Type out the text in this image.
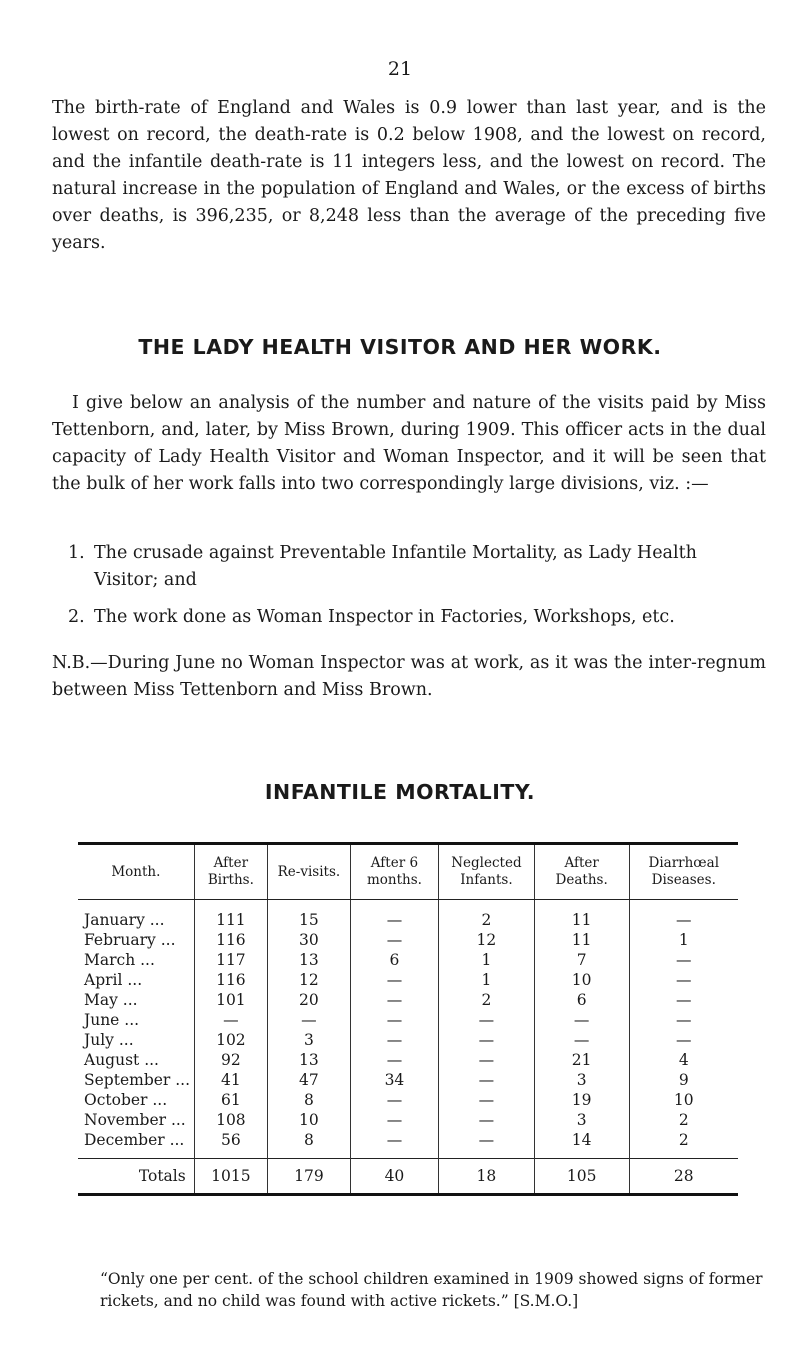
21

The birth-rate of England and Wales is 0.9 lower than last year, and is the lowest on record, the death-rate is 0.2 below 1908, and the lowest on record, and the infantile death-rate is 11 integers less, and the lowest on record. The natural increase in the population of England and Wales, or the excess of births over deaths, is 396,235, or 8,248 less than the average of the preceding five years.

THE LADY HEALTH VISITOR AND HER WORK.

I give below an analysis of the number and nature of the visits paid by Miss Tettenborn, and, later, by Miss Brown, during 1909. This officer acts in the dual capacity of Lady Health Visitor and Woman Inspector, and it will be seen that the bulk of her work falls into two correspondingly large divisions, viz. :—

1. The crusade against Preventable Infantile Mortality, as Lady Health Visitor; and

2. The work done as Woman Inspector in Factories, Workshops, etc.

N.B.—During June no Woman Inspector was at work, as it was the inter-regnum between Miss Tettenborn and Miss Brown.

INFANTILE MORTALITY.
Month.	After Births.	Re-visits.	After 6 months.	Neglected Infants.	After Deaths.	Diarrhœal Diseases.
January ...	111	15	—	2	11	—
February ...	116	30	—	12	11	1
March ...	117	13	6	1	7	—
April ...	116	12	—	1	10	—
May ...	101	20	—	2	6	—
June ...	—	—	—	—	—	—
July ...	102	3	—	—	—	—
August ...	92	13	—	—	21	4
September ...	41	47	34	—	3	9
October ...	61	8	—	—	19	10
November ...	108	10	—	—	3	2
December ...	56	8	—	—	14	2
Totals	1015	179	40	18	105	28

“Only one per cent. of the school children examined in 1909 showed signs of former rickets, and no child was found with active rickets.” [S.M.O.]
